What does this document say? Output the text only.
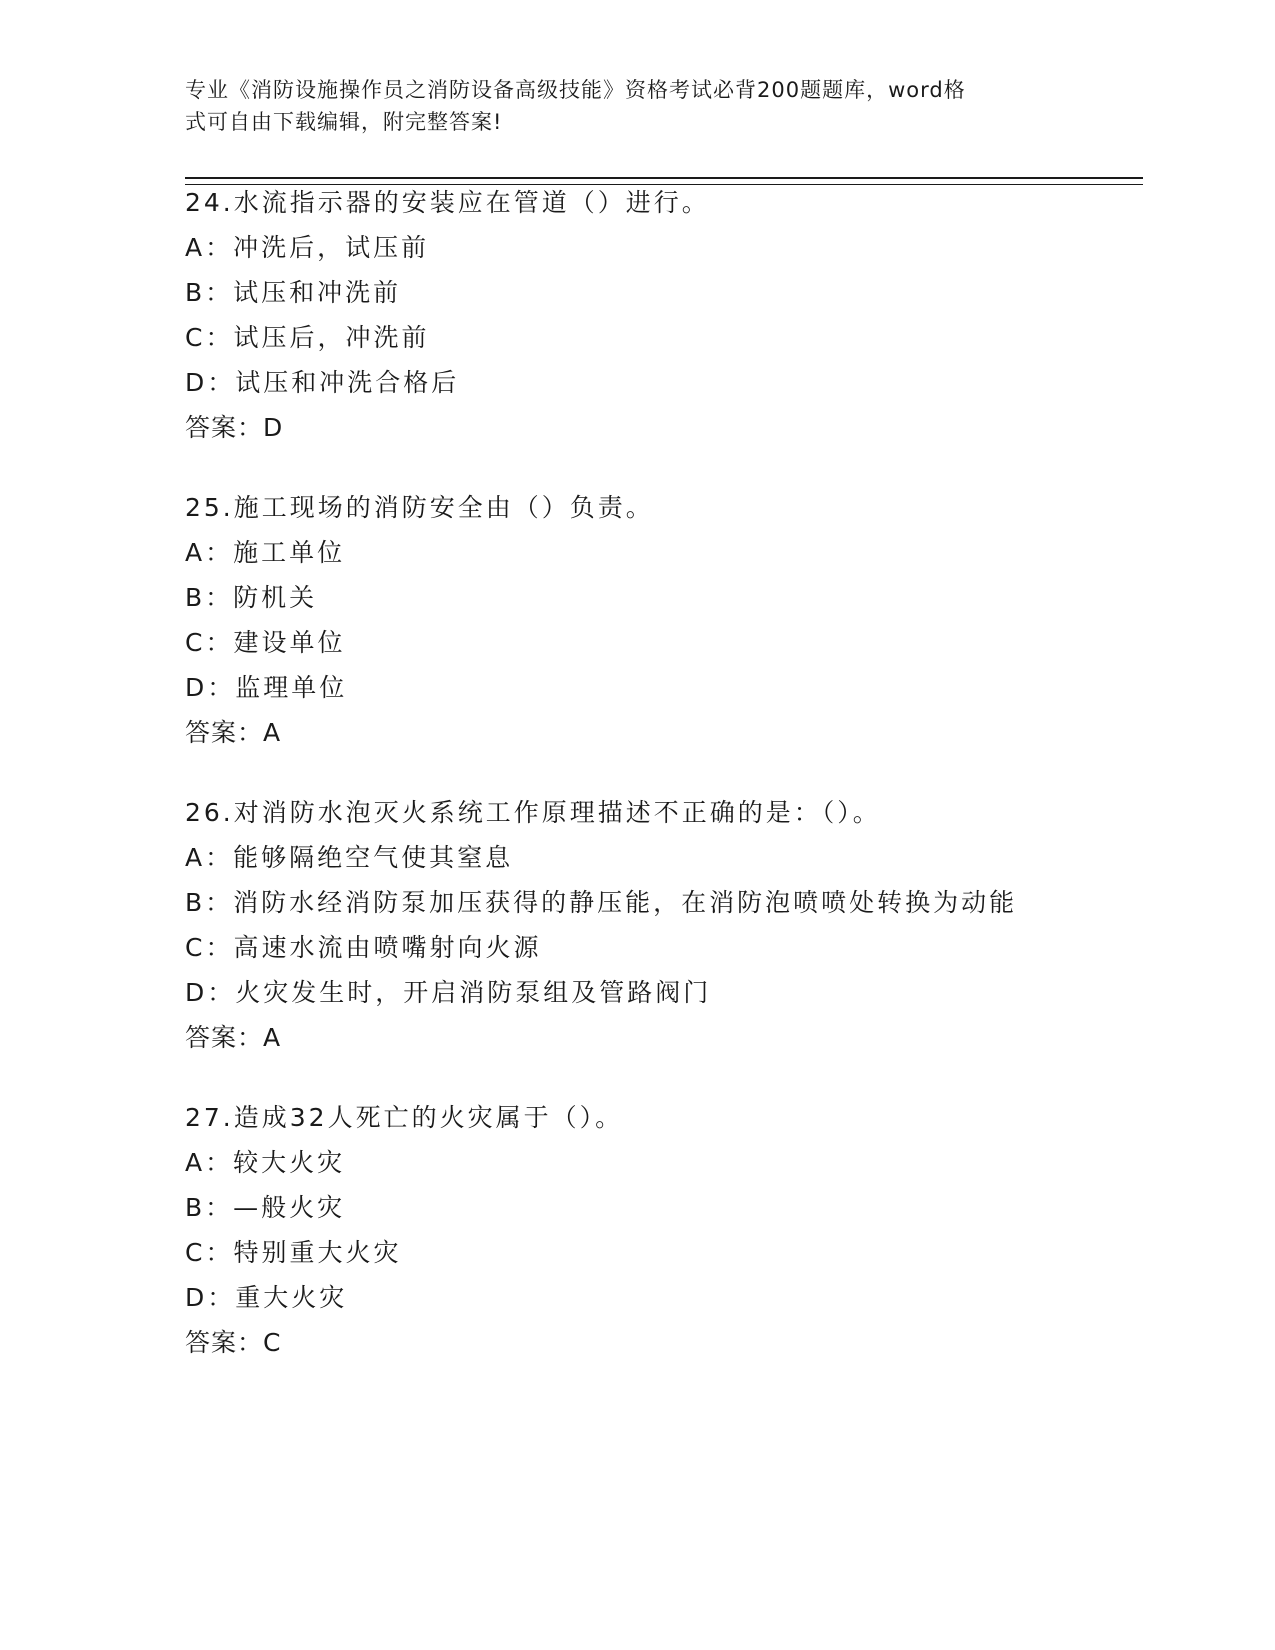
专业《消防设施操作员之消防设备高级技能》资格考试必背200题题库，word格
式可自由下载编辑，附完整答案!
24.水流指示器的安装应在管道（）进行。
A：冲洗后，试压前
B：试压和冲洗前
C：试压后，冲洗前
D：试压和冲洗合格后
答案：D
25.施工现场的消防安全由（）负责。
A：施工单位
B：防机关
C：建设单位
D：监理单位
答案：A
26.对消防水泡灭火系统工作原理描述不正确的是：（）。
A：能够隔绝空气使其窒息
B：消防水经消防泵加压获得的静压能，在消防泡喷喷处转换为动能
C：高速水流由喷嘴射向火源
D：火灾发生时，开启消防泵组及管路阀门
答案：A
27.造成32人死亡的火灾属于（）。
A：较大火灾
B：—般火灾
C：特别重大火灾
D：重大火灾
答案：C
